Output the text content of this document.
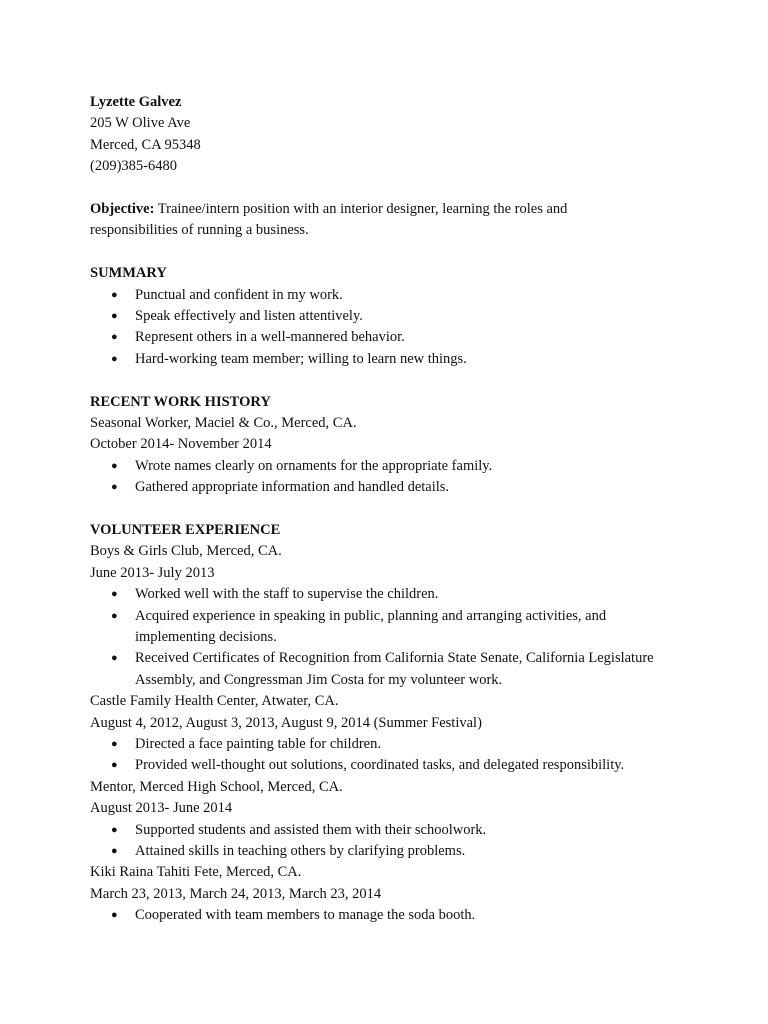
Lyzette Galvez
205 W Olive Ave
Merced, CA 95348
(209)385-6480
Objective: Trainee/intern position with an interior designer, learning the roles and responsibilities of running a business.
SUMMARY
● Punctual and confident in my work.
● Speak effectively and listen attentively.
● Represent others in a well-mannered behavior.
● Hard-working team member; willing to learn new things.
RECENT WORK HISTORY
Seasonal Worker, Maciel & Co., Merced, CA.
October 2014- November 2014
● Wrote names clearly on ornaments for the appropriate family.
● Gathered appropriate information and handled details.
VOLUNTEER EXPERIENCE
Boys & Girls Club, Merced, CA.
June 2013- July 2013
● Worked well with the staff to supervise the children.
● Acquired experience in speaking in public, planning and arranging activities, and implementing decisions.
● Received Certificates of Recognition from California State Senate, California Legislature Assembly, and Congressman Jim Costa for my volunteer work.
Castle Family Health Center, Atwater, CA.
August 4, 2012, August 3, 2013, August 9, 2014 (Summer Festival)
● Directed a face painting table for children.
● Provided well-thought out solutions, coordinated tasks, and delegated responsibility.
Mentor, Merced High School, Merced, CA.
August 2013- June 2014
● Supported students and assisted them with their schoolwork.
● Attained skills in teaching others by clarifying problems.
Kiki Raina Tahiti Fete, Merced, CA.
March 23, 2013, March 24, 2013, March 23, 2014
● Cooperated with team members to manage the soda booth.
